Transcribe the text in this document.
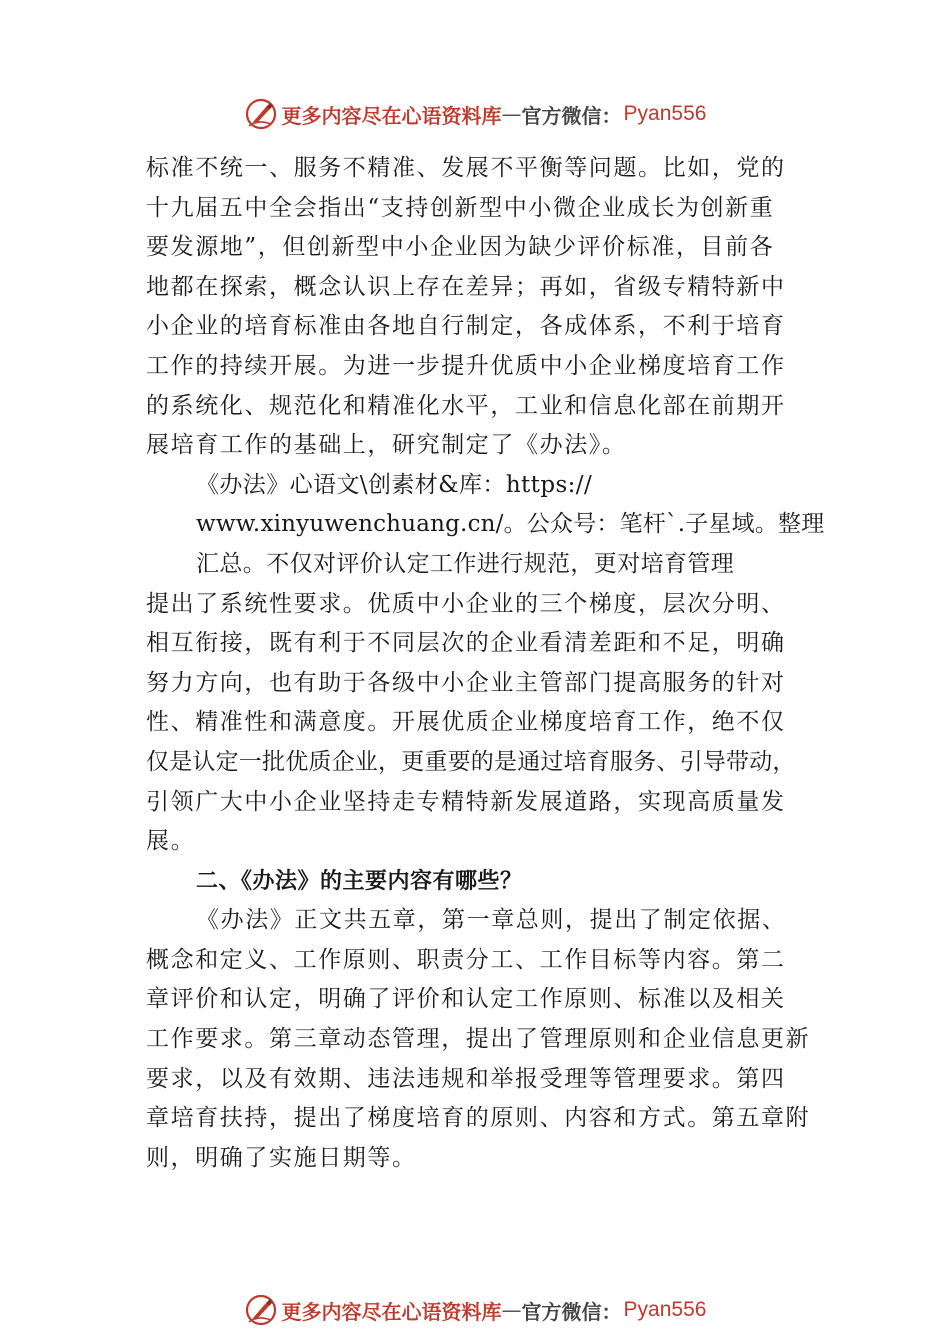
更多内容尽在心语资料库 — 官方微信： Pyan556
标准不统一、服务不精准、发展不平衡等问题。比如，党的
十九届五中全会指出“支持创新型中小微企业成长为创新重
要发源地”，但创新型中小企业因为缺少评价标准，目前各
地都在探索，概念认识上存在差异；再如，省级专精特新中
小企业的培育标准由各地自行制定，各成体系，不利于培育
工作的持续开展。为进一步提升优质中小企业梯度培育工作
的系统化、规范化和精准化水平，工业和信息化部在前期开
展培育工作的基础上，研究制定了《办法》。
《办法》心语文\创素材&库：https://
www.xinyuwenchuang.cn/。公众号：笔杆`.子星域。整理
汇总。不仅对评价认定工作进行规范，更对培育管理
提出了系统性要求。优质中小企业的三个梯度，层次分明、
相互衔接，既有利于不同层次的企业看清差距和不足，明确
努力方向，也有助于各级中小企业主管部门提高服务的针对
性、精准性和满意度。开展优质企业梯度培育工作，绝不仅
仅是认定一批优质企业，更重要的是通过培育服务、引导带动，
引领广大中小企业坚持走专精特新发展道路，实现高质量发
展。
二、《办法》的主要内容有哪些？
《办法》正文共五章，第一章总则，提出了制定依据、
概念和定义、工作原则、职责分工、工作目标等内容。第二
章评价和认定，明确了评价和认定工作原则、标准以及相关
工作要求。第三章动态管理，提出了管理原则和企业信息更新
要求，以及有效期、违法违规和举报受理等管理要求。第四
章培育扶持，提出了梯度培育的原则、内容和方式。第五章附
则，明确了实施日期等。
更多内容尽在心语资料库 — 官方微信： Pyan556
